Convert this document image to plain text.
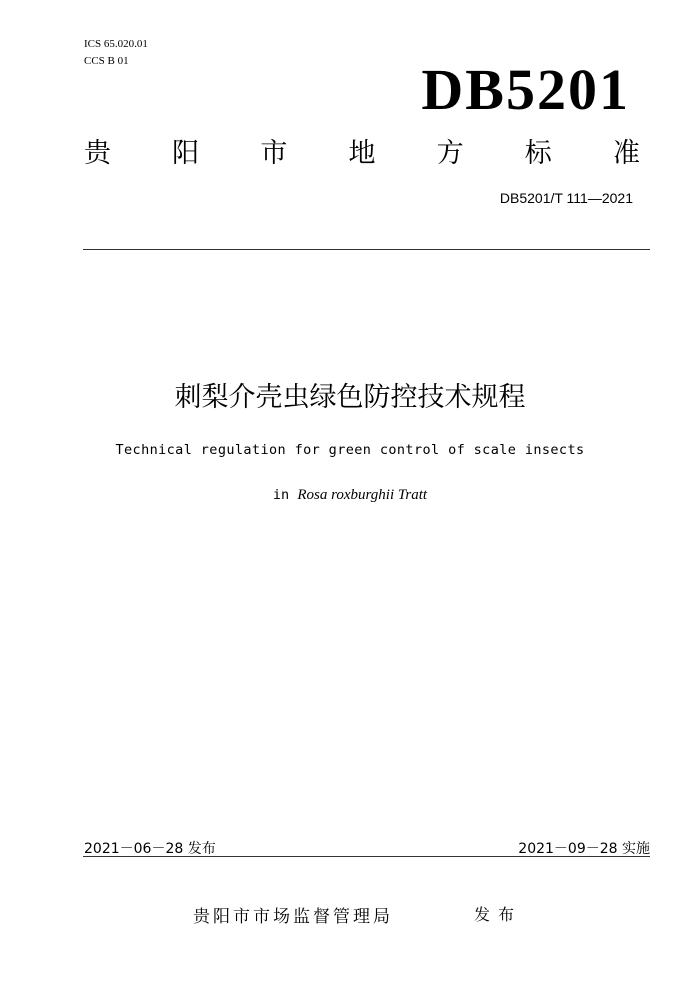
ICS 65.020.01
CCS B 01	DB5201
贵 阳 市 地 方 标 准
DB5201/T 111—2021
刺梨介壳虫绿色防控技术规程
Technical regulation for green control of scale insects
in Rosa roxburghii Tratt
2021－06－28 发布	2021－09－28 实施
贵阳市市场监督管理局	发布
